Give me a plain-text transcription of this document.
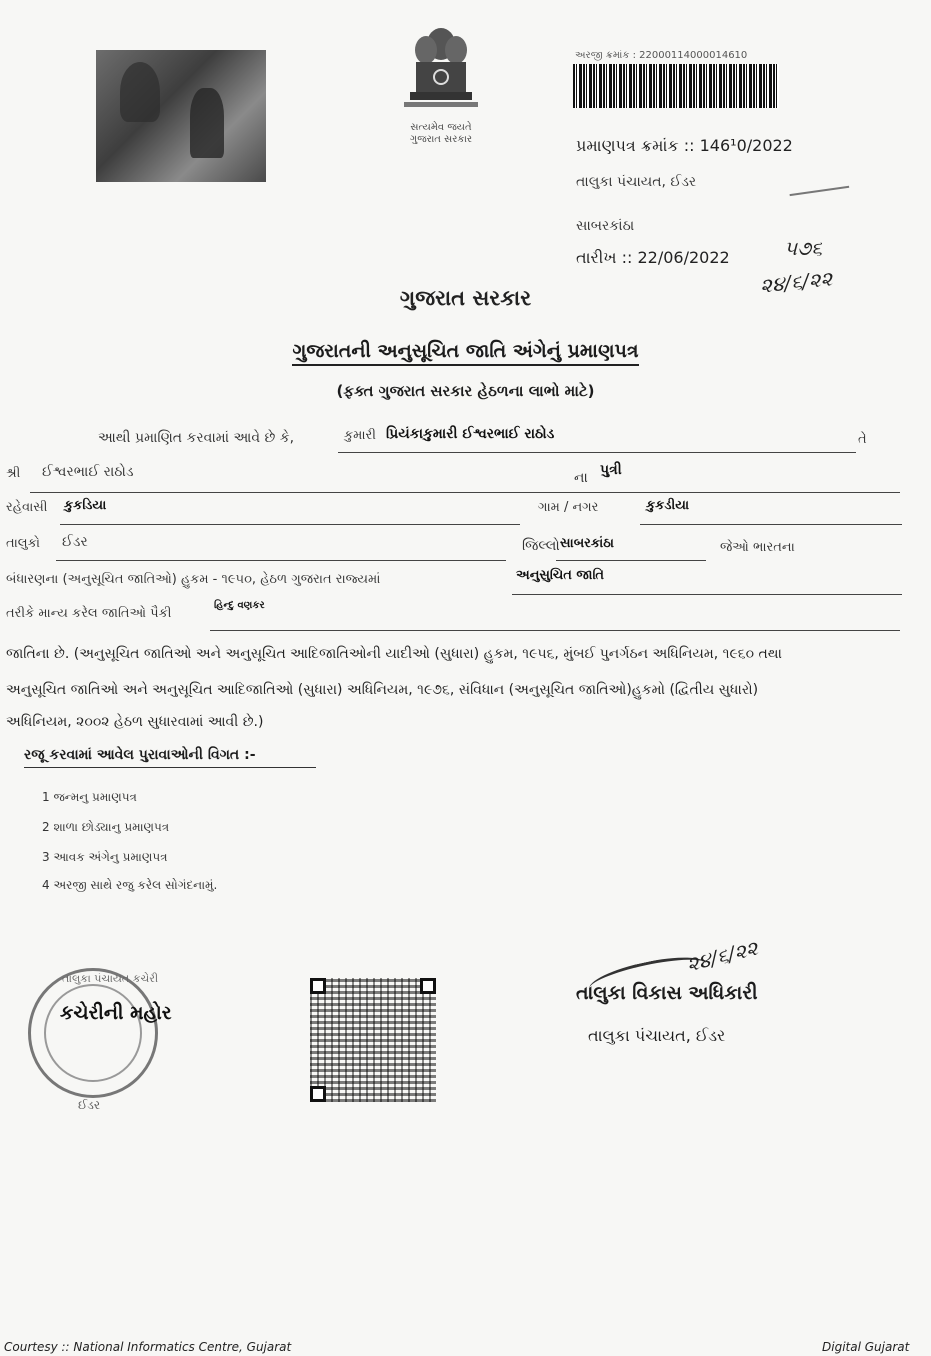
સત્યમેવ જયતે
ગુજરાત સરકાર
અરજી ક્રમાંક : 22000114000014610
પ્રમાણપત્ર ક્રમાંક :: 146¹0/2022
તાલુકા પંચાયત, ઈડર
સાબરકાંઠા
તારીખ :: 22/06/2022	૫૭૬
૨૪/૬/૨૨
ગુજરાત સરકાર
ગુજરાતની અનુસૂચિત જાતિ અંગેનું પ્રમાણપત્ર
(ફક્ત ગુજરાત સરકાર હેઠળના લાભો માટે)
આથી પ્રમાણિત કરવામાં આવે છે કે,	કુમારી પ્રિયંકાકુમારી ઈશ્વરભાઈ રાઠોડ	તે
શ્રી ઈશ્વરભાઈ રાઠોડ	ના પુત્રી
રહેવાસી કુકડિયા	ગામ / નગર	કુકડીયા
તાલુકો ઈડર	જિલ્લો સાબરકાંઠા	જેઓ ભારતના
બંધારણના (અનુસૂચિત જાતિઓ) હુકમ - ૧૯૫૦, હેઠળ ગુજરાત રાજ્યમાં	અનુસુચિત જાતિ
તરીકે માન્ય કરેલ જાતિઓ પૈકી
હિન્દુ વણકર
જાતિના છે. (અનુસૂચિત જાતિઓ અને અનુસૂચિત આદિજાતિઓની યાદીઓ (સુધારા) હુકમ, ૧૯૫૬, મુંબઈ પુનર્ગઠન અધિનિયમ, ૧૯૬૦ તથા
અનુસૂચિત જાતિઓ અને અનુસૂચિત આદિજાતિઓ (સુધારા) અધિનિયમ, ૧૯૭૬, સંવિધાન (અનુસૂચિત જાતિઓ)હુકમો (દ્વિતીય સુધારો)
અધિનિયમ, ૨૦૦૨ હેઠળ સુધારવામાં આવી છે.)
રજૂ કરવામાં આવેલ પુરાવાઓની વિગત :-
1 જન્મનુ પ્રમાણપત્ર
2 શાળા છોડ્યાનુ પ્રમાણપત્ર
3 આવક અંગેનુ પ્રમાણપત્ર
4 અરજી સાથે રજુ કરેલ સોગંદનામું.
તાલુકા પંચાયત કચેરી
કચેરીની મહોર
ઈડર
૨૪/૬/૨૨
તાલુકા વિકાસ અધિકારી
તાલુકા પંચાયત, ઈડર
Courtesy :: National Informatics Centre, Gujarat	Digital Gujarat
